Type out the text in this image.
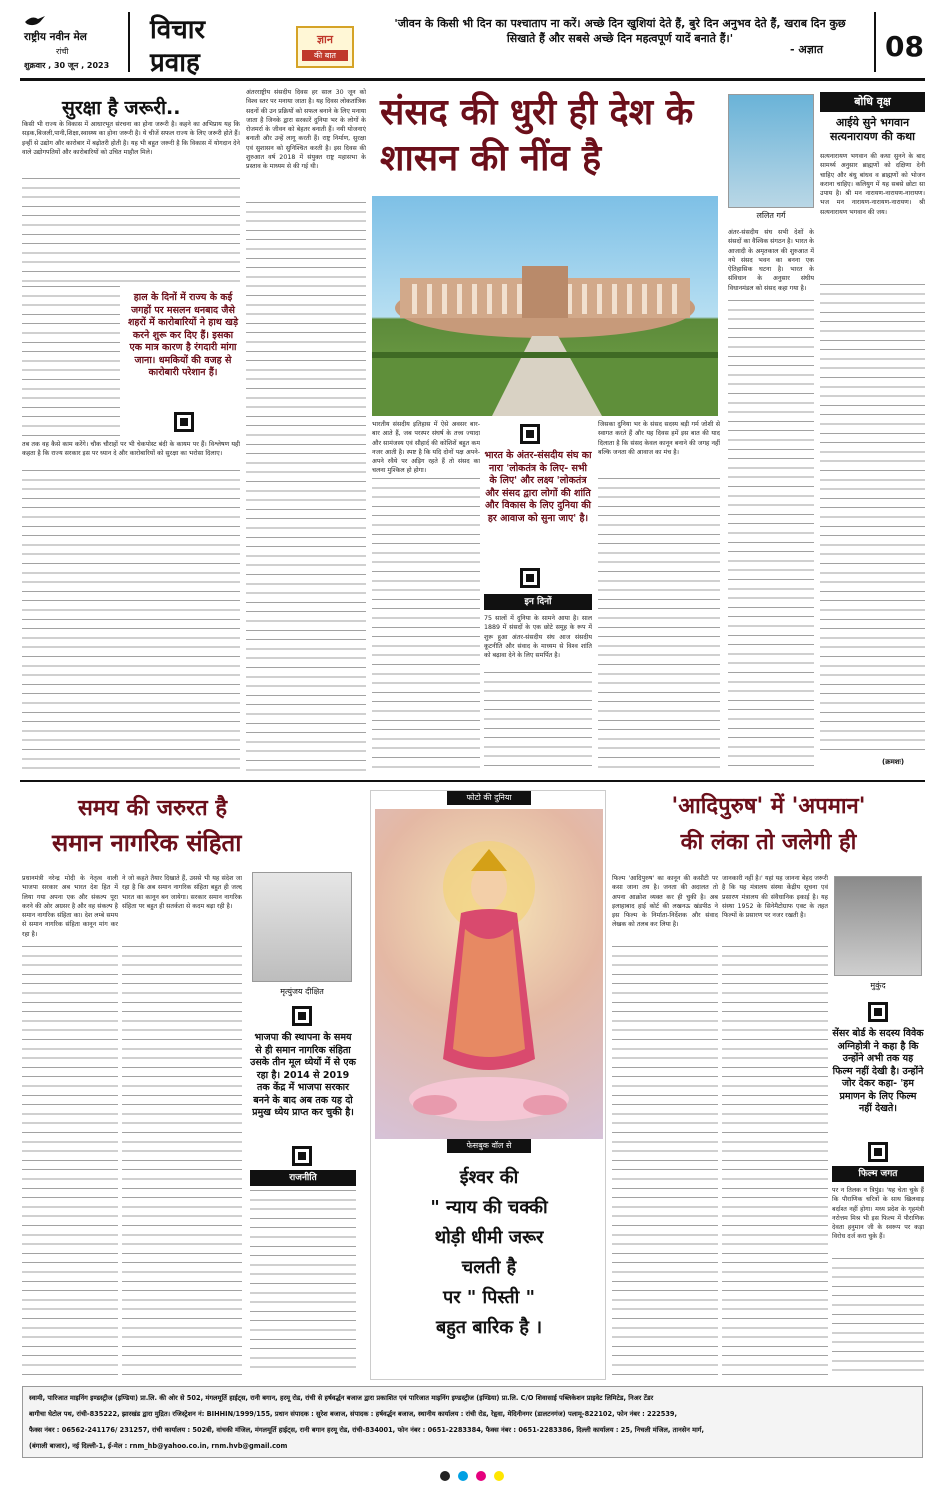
राष्ट्रीय नवीन मेल
रांची
शुक्रवार , 30 जून , 2023
विचार
प्रवाह
ज्ञान
की बात
'जीवन के किसी भी दिन का पश्चाताप ना करें। अच्छे दिन खुशियां देते हैं, बुरे दिन अनुभव देते हैं, खराब दिन कुछ सिखाते हैं और सबसे अच्छे दिन महत्वपूर्ण यादें बनाते हैं।'
- अज्ञात 08
सुरक्षा है जरूरी..
किसी भी राज्य के विकास में आधारभूत संरचना का होना जरूरी है। कहने का अभिप्राय यह कि सड़क,बिजली,पानी,शिक्षा,स्वास्थ्य का होना जरूरी है। ये चीजें सफल राज्य के लिए जरूरी होते हैं। इन्हीं से उद्योग और कारोबार में बढ़ोतरी होती है। यह भी बहुत जरूरी है कि विकास में योगदान देने वाले उद्योगपतियों और कारोबारियों को उचित माहौल मिले।
हाल के दिनों में राज्य के कई जगहों पर मसलन धनबाद जैसे शहरों में कारोबारियों ने हाथ खड़े करने शुरू कर दिए हैं। इसका एक मात्र कारण है रंगदारी मांगा जाना। धमकियों की वजह से कारोबारी परेशान हैं।
तब तक वह कैसे काम करेंगे। चौक चौराहों पर भी चेकपोस्ट बंदी के कायम पर हैं। विश्लेषण यही कहता है कि राज्य सरकार इस पर ध्यान दे और कारोबारियों को सुरक्षा का भरोसा दिलाए।
अंतरराष्ट्रीय संसदीय दिवस हर साल 30 जून को विश्व स्तर पर मनाया जाता है। यह दिवस लोकतांत्रिक सदनों की उन प्रक्रियों को सफल बनाने के लिए मनाया जाता है जिनके द्वारा सरकारें दुनिया भर के लोगों के रोजमर्रा के जीवन को बेहतर बनाती हैं। नयी योजनाएं बनाती और उन्हें लागू करती हैं। राष्ट्र निर्माण, सुरक्षा एवं सुशासन को सुनिश्चित करती है। इस दिवस की शुरुआत वर्ष 2018 में संयुक्त राष्ट्र महासभा के प्रस्ताव के माध्यम से की गई थी।
संसद की धुरी ही देश के शासन की नींव है
ललित गर्ग
बोधि वृक्ष
आईये सुने भगवान सत्यनारायण की कथा
सत्यनारायण भगवान की कथा सुनने के बाद सामर्थ्य अनुसार ब्राह्मणों को दक्षिणा देनी चाहिए और बंधु बांधव व ब्राह्मणों को भोजन कराना चाहिए। कलियुग में यह सबसे छोटा सा उपाय है। श्री मन नारायण-नारायण-नारायण। भज मन नारायण-नारायण-नारायण। श्री सत्यनारायण भगवान की जय।
(क्रमशः)
अंतर-संसदीय संघ सभी देशों के संसदों का वैश्विक संगठन है। भारत के आजादी के अमृतकाल की शुरुआत में नये संसद भवन का बनना एक ऐतिहासिक घटना है। भारत के संविधान के अनुसार संघीय विधानमंडल को संसद कहा गया है।
भारतीय संसदीय इतिहास में ऐसे अवसर बार-बार आते हैं, जब परस्पर संघर्ष के तत्त्व ज्यादा और सामंजस्य एवं सौहार्द की कोशिशें बहुत कम नजर आती है। स्पष्ट है कि यदि दोनों पक्ष अपने-अपने रवैये पर अड़िग रहते हैं तो संसद का चलना मुश्किल हो होगा।
भारत के अंतर-संसदीय संघ का नारा 'लोकतंत्र के लिए- सभी के लिए' और लक्ष्य 'लोकतंत्र और संसद द्वारा लोगों की शांति और विकास के लिए दुनिया की हर आवाज को सुना जाए' है।
इन दिनों
75 सालों में दुनिया के सामने आया है। साल 1889 में संसदों के एक छोटे समूह के रूप में शुरू हुआ अंतर-संसदीय संघ आज संसदीय कूटनीति और संवाद के माध्यम से विश्व शांति को बढ़ावा देने के लिए समर्पित है।
जिसका दुनिया भर के संसद सदस्य बड़ी गर्म जोशी से स्वागत करते हैं और यह दिवस हमें इस बात की याद दिलाता है कि संसद केवल कानून बनाने की जगह नहीं बल्कि जनता की आवाज का मंच है।
समय की जरुरत है
समान नागरिक संहिता
प्रधानमंत्री नरेन्द्र मोदी के नेतृत्व वाली भाजपा सरकार अब भारत देश हित में लिया गया अपना एक और संकल्प पूरा करने की ओर अग्रसर है और वह संकल्प है समान नागरिक संहिता का। देश लम्बे समय से समान नागरिक संहिता कानून मांग कर रहा है।
ने जो कहते तैयार दिखाते हैं, उससे भी यह संदेश जा रहा है कि अब समान नागरिक संहिता बहुत ही जल्द भारत का कानून बन जायेगा। सरकार समान नागरिक संहिता पर बहुत ही सतर्कता से कदम बढ़ा रही है।
मृत्युंजय दीक्षित
भाजपा की स्थापना के समय से ही समान नागरिक संहिता उसके तीन मूल ध्येयों में से एक रहा है। 2014 से 2019 तक केंद्र में भाजपा सरकार बनने के बाद अब तक यह दो प्रमुख ध्येय प्राप्त कर चुकी है।
राजनीति
फोटो की दुनिया
फेसबुक वॉल से
ईश्वर की
" न्याय की चक्की
थोड़ी धीमी जरूर
चलती है
पर " पिस्ती "
बहुत बारिक है ।
'आदिपुरुष' में 'अपमान'
की लंका तो जलेगी ही
फिल्म 'आदिपुरुष' का कानून की कसौटी पर कसा जाना तय है। जनता की अदालत तो अपना आक्रोश व्यक्त कर ही चुकी है। अब इलाहाबाद हाई कोर्ट की लखनऊ खंडपीठ ने इस फिल्म के निर्माता-निर्देशक और संवाद लेखक को तलब कर लिया है।
जानकारी नहीं है।' यहां यह जानना बेहद जरूरी है कि यह मंत्रालय संस्था केंद्रीय सूचना एवं प्रसारण मंत्रालय की संवैधानिक इकाई है। यह संस्था 1952 के सिनेमैटोग्राफ एक्ट के तहत फिल्मों के प्रसारण पर नजर रखती है।
मुकुंद
सेंसर बोर्ड के सदस्य विवेक अग्निहोत्री ने कहा है कि उन्होंने अभी तक यह फिल्म नहीं देखी है। उन्होंने जोर देकर कहा- 'हम प्रमाणन के लिए फिल्म नहीं देखते।
फिल्म जगत
पर न तिलक न त्रिपुंड। 'यह चेता चुके हैं कि पौराणिक चरित्रों के साथ खिलवाड़ बर्दाश्त नहीं होगा। मध्य प्रदेश के गृहमंत्री नरोत्तम मिश्र भी इस फिल्म में पौराणिक देवता हनुमान जी के स्वरूप पर कड़ा विरोध दर्ज करा चुके हैं।
स्वामी, पारिजात माइनिंग इण्डस्ट्रीज (इण्डिया) प्रा.लि. की ओर से 502, मंगलमूर्ति हाईट्स, रानी बगान, हरमू रोड, रांची से हर्षवर्द्धन बजाज द्वारा प्रकाशित एवं पारिजात माइनिंग इण्डस्ट्रीज (इण्डिया) प्रा.लि. C/O शिवासाई पब्लिकेशन प्राइवेट लिमिटेड, निअर टेंडर
बागीचा घेटोल पथ, रांची-835222, झारखंड द्वारा मुद्रित। रजिस्ट्रेशन नं: BIHHIN/1999/155, प्रधान संपादक : सुरेश बजाज, संपादक : हर्षवर्द्धन बजाज, स्थानीय कार्यालय : रांची रोड, रेहृवा, मेदिनीनगर (डालटनगंज) पलामू-822102, फोन नंबर : 222539,
फैक्स नंबर : 06562-241176/ 231257, रांची कार्यालय : 502बी, वांचकी मंजिल, मंगलमूर्ति हाईट्स, रानी बगान हरमू रोड, रांची-834001, फोन नंबर : 0651-2283384, फैक्स नंबर : 0651-2283386, दिल्ली कार्यालय : 25, निचली मंजिल, तानसेन मार्ग,
(बंगाली बाजार), नई दिल्ली-1, ई-मेल : rnm_hb@yahoo.co.in, rnm.hvb@gmail.com
